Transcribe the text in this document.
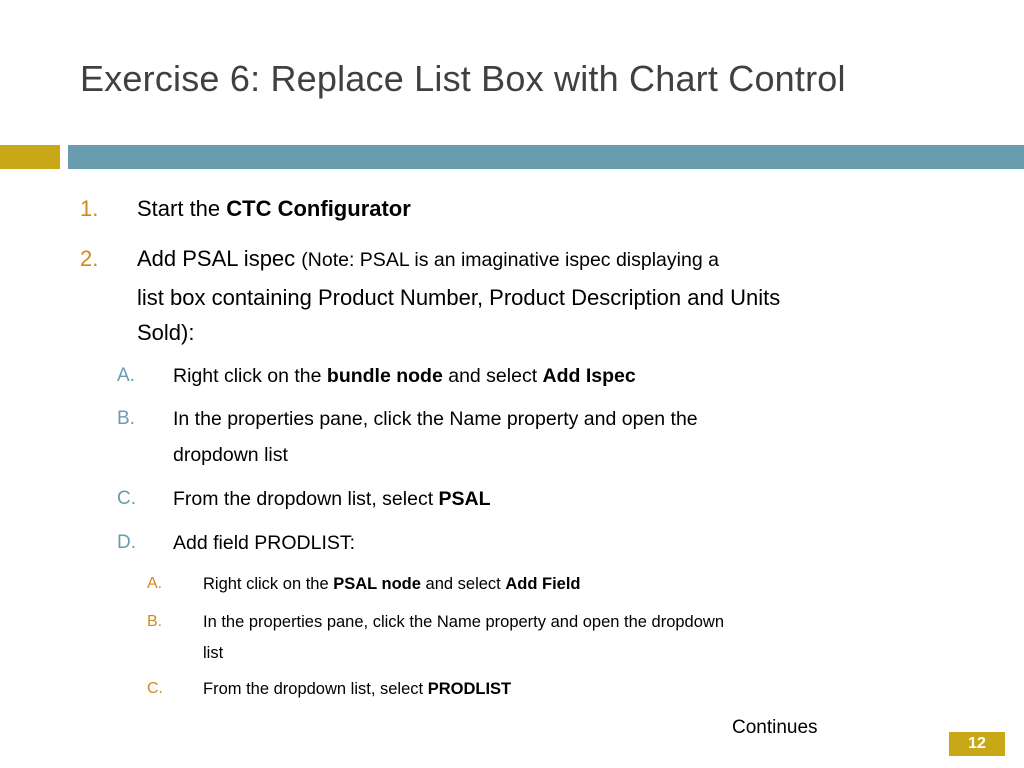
Exercise 6: Replace List Box with Chart Control
1. Start the CTC Configurator
2. Add PSAL ispec (Note: PSAL is an imaginative ispec displaying a
list box containing Product Number, Product Description and Units
Sold):
A. Right click on the bundle node and select Add Ispec
B. In the properties pane, click the Name property and open the
dropdown list
C. From the dropdown list, select PSAL
D. Add field PRODLIST:
A. Right click on the PSAL node and select Add Field
B. In the properties pane, click the Name property and open the dropdown
list
C. From the dropdown list, select PRODLIST
Continues
12
